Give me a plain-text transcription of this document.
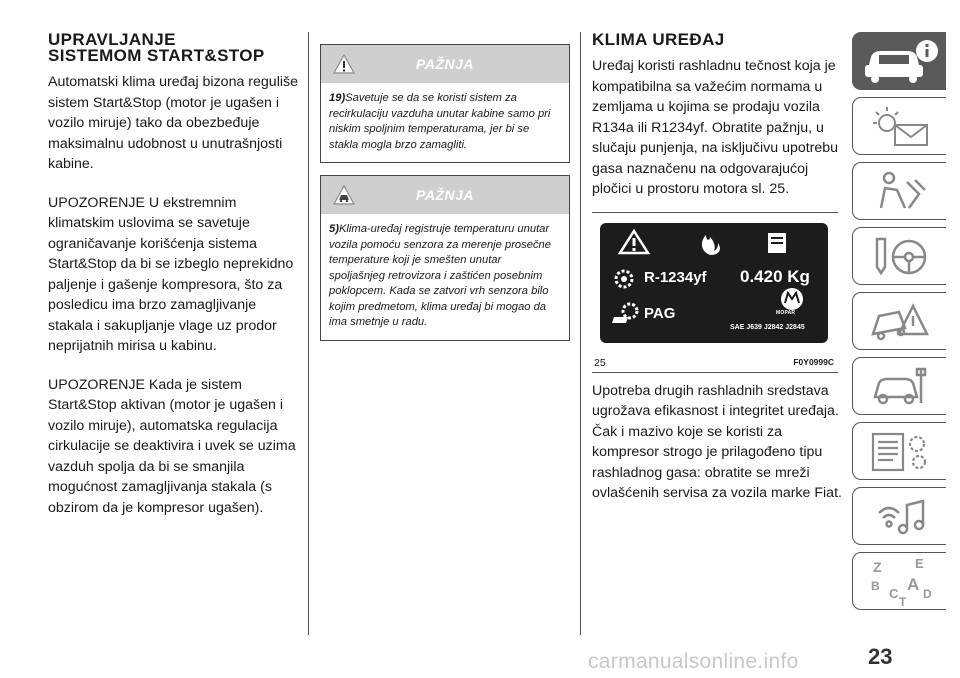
UPRAVLJANJE
SISTEMOM START&STOP

Automatski klima uređaj bizona reguliše sistem Start&Stop (motor je ugašen i vozilo miruje) tako da obezbeđuje maksimalnu udobnost u unutrašnjosti kabine.

UPOZORENJE U ekstremnim klimatskim uslovima se savetuje ograničavanje korišćenja sistema Start&Stop da bi se izbeglo neprekidno paljenje i gašenje kompresora, što za posledicu ima brzo zamagljivanje stakala i sakupljanje vlage uz prodor neprijatnih mirisa u kabinu.

UPOZORENJE Kada je sistem Start&Stop aktivan (motor je ugašen i vozilo miruje), automatska regulacija cirkulacije se deaktivira i uvek se uzima vazduh spolja da bi se smanjila mogućnost zamagljivanja stakala (s obzirom da je kompresor ugašen).

PAŽNJA
19)Savetuje se da se koristi sistem za recirkulaciju vazduha unutar kabine samo pri niskim spoljnim temperaturama, jer bi se stakla mogla brzo zamagliti.
PAŽNJA
5)Klima-uređaj registruje temperaturu unutar vozila pomoću senzora za merenje prosečne temperature koji je smešten unutar spoljašnjeg retrovizora i zaštićen posebnim poklopcem. Kada se zatvori vrh senzora bilo kojim predmetom, klima uređaj bi mogao da ima smetnje u radu.
KLIMA UREĐAJ

Uređaj koristi rashladnu tečnost koja je kompatibilna sa važećim normama u zemljama u kojima se prodaju vozila R134a ili R1234yf. Obratite pažnju, u slučaju punjenja, na isključivu upotrebu gasa naznačenu na odgovarajućoj pločici u prostoru motora sl. 25.

R-1234yf 0.420 Kg
PAG	MOPAR
SAE J639 J2842 J2845
25	F0Y0999C

Upotreba drugih rashladnih sredstava ugrožava efikasnost i integritet uređaja. Čak i mazivo koje se koristi za kompresor strogo je prilagođeno tipu rashladnog gasa: obratite se mreži ovlašćenih servisa za vozila marke Fiat.

Z	E
B C A D
T
23
carmanualsonline.info
